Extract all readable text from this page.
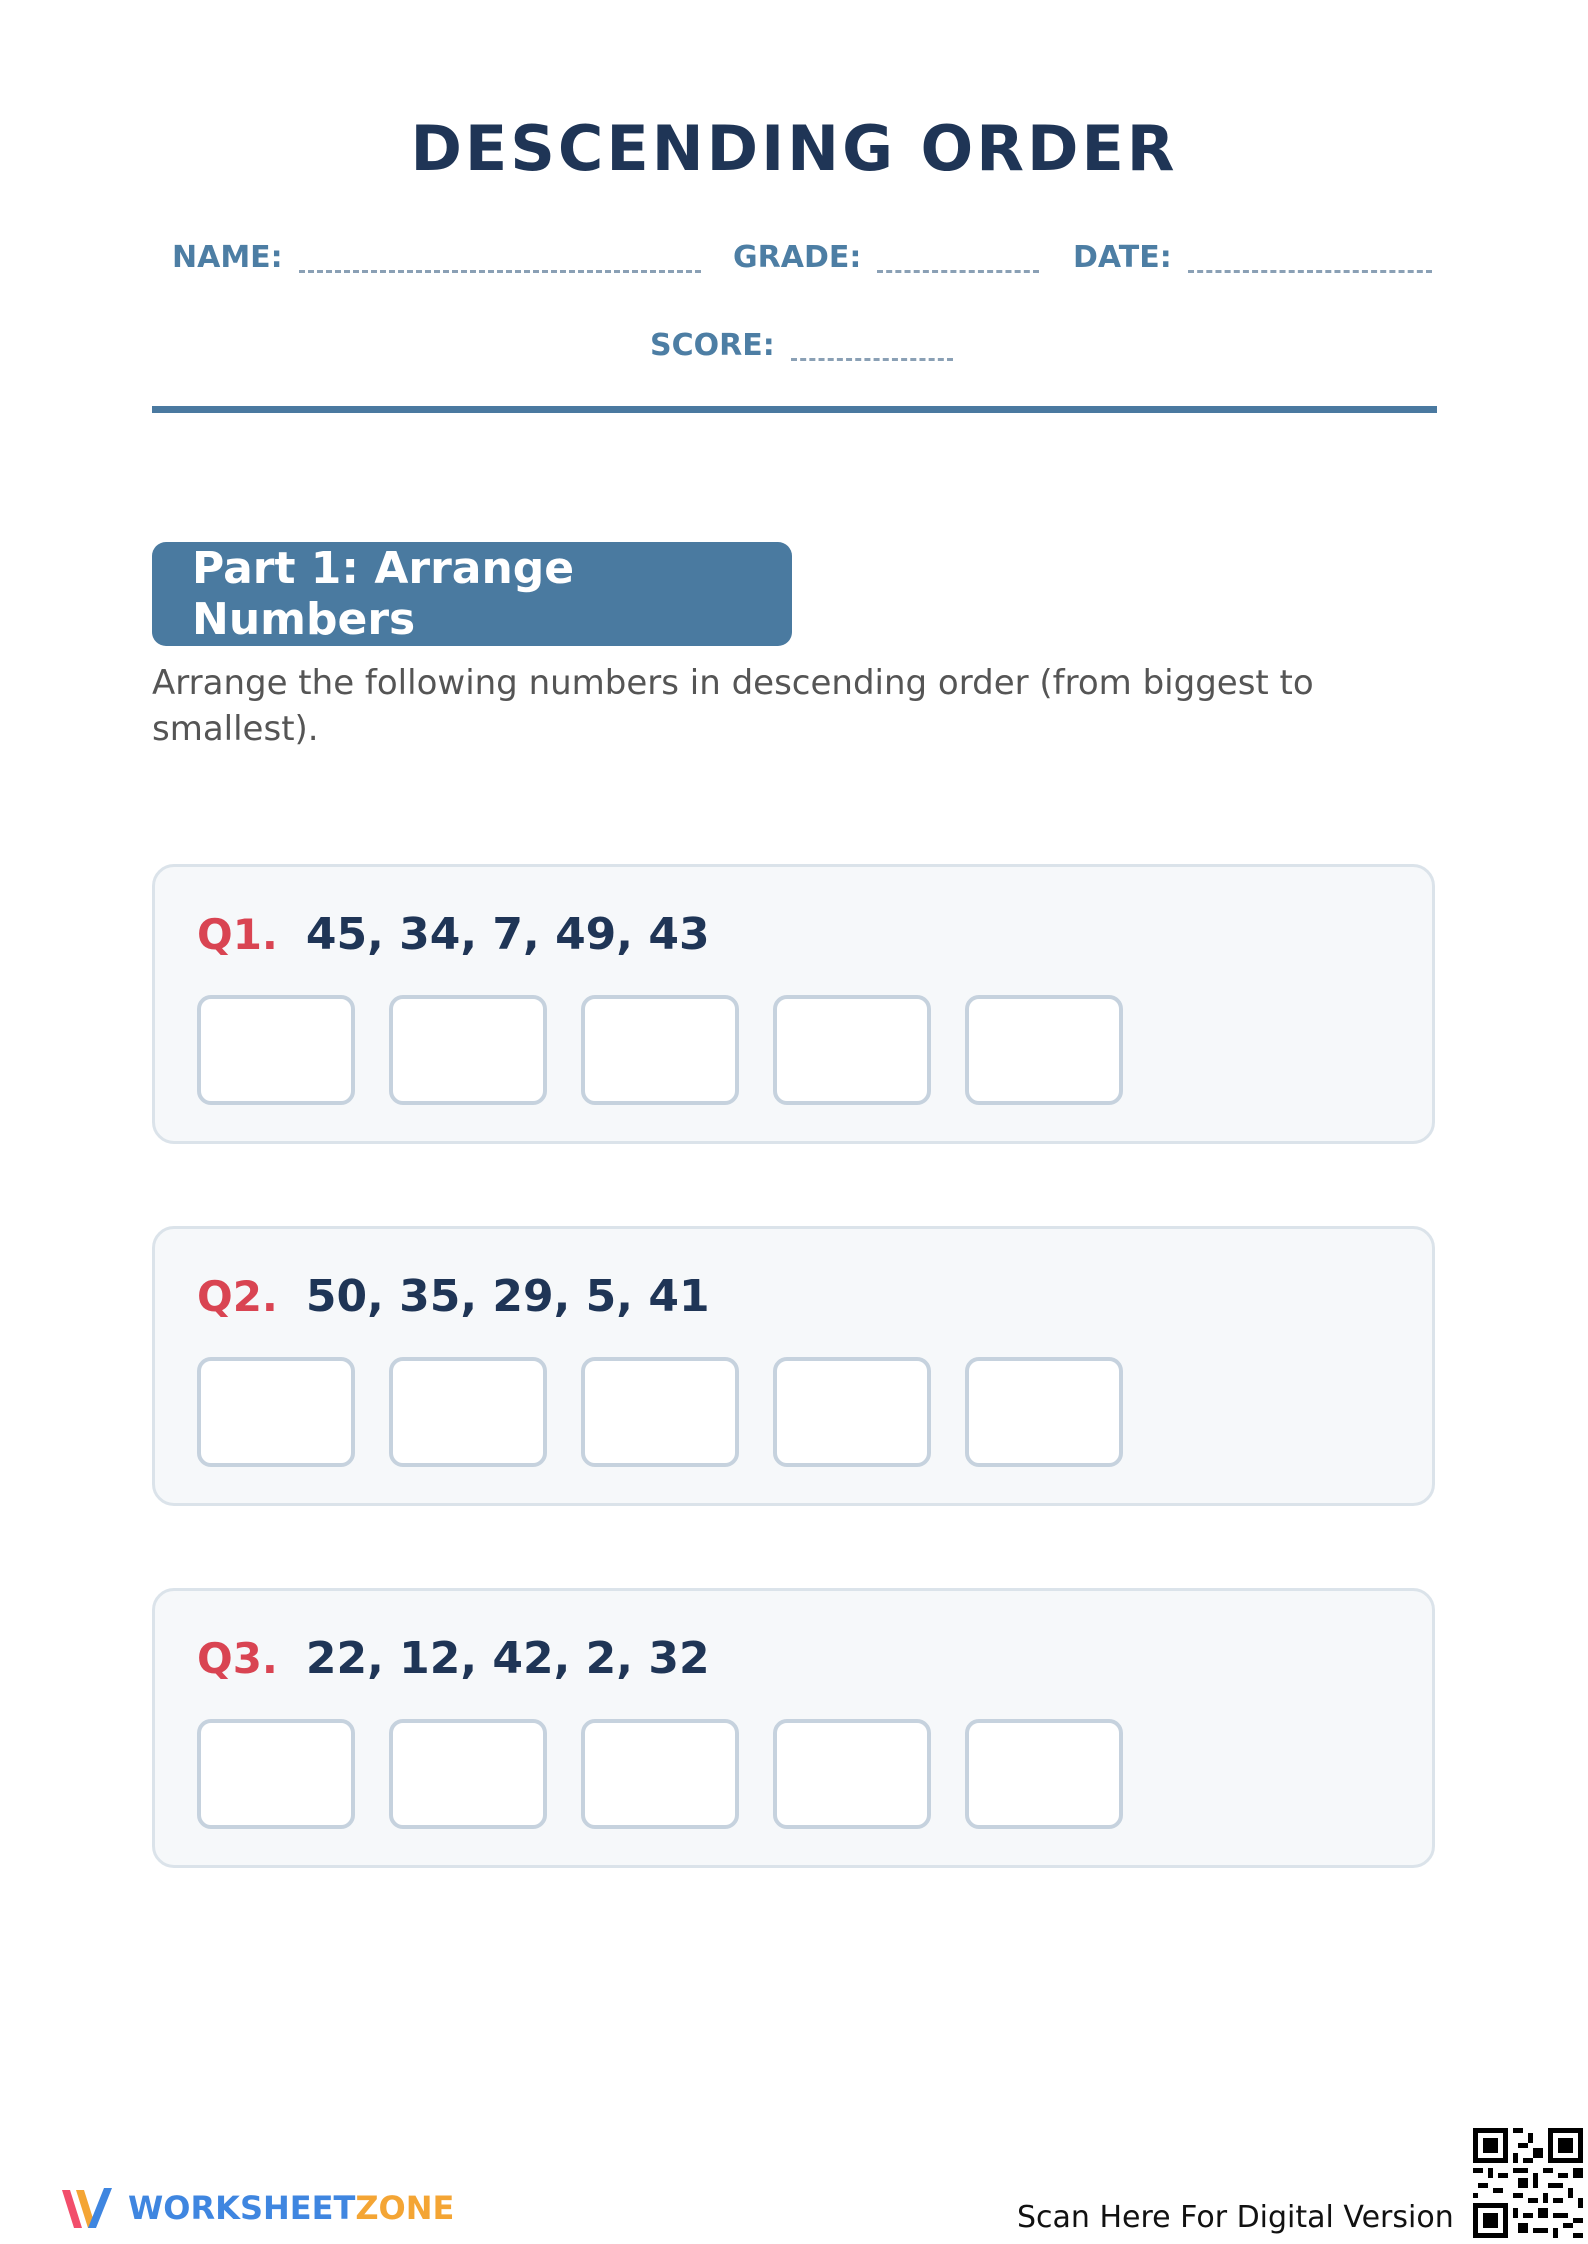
DESCENDING ORDER
NAME:	GRADE:	DATE:
SCORE:
Part 1: Arrange Numbers
Arrange the following numbers in descending order (from biggest to smallest).
Q1. 45, 34, 7, 49, 43
Q2. 50, 35, 29, 5, 41
Q3. 22, 12, 42, 2, 32
WORKSHEETZONE	Scan Here For Digital Version
